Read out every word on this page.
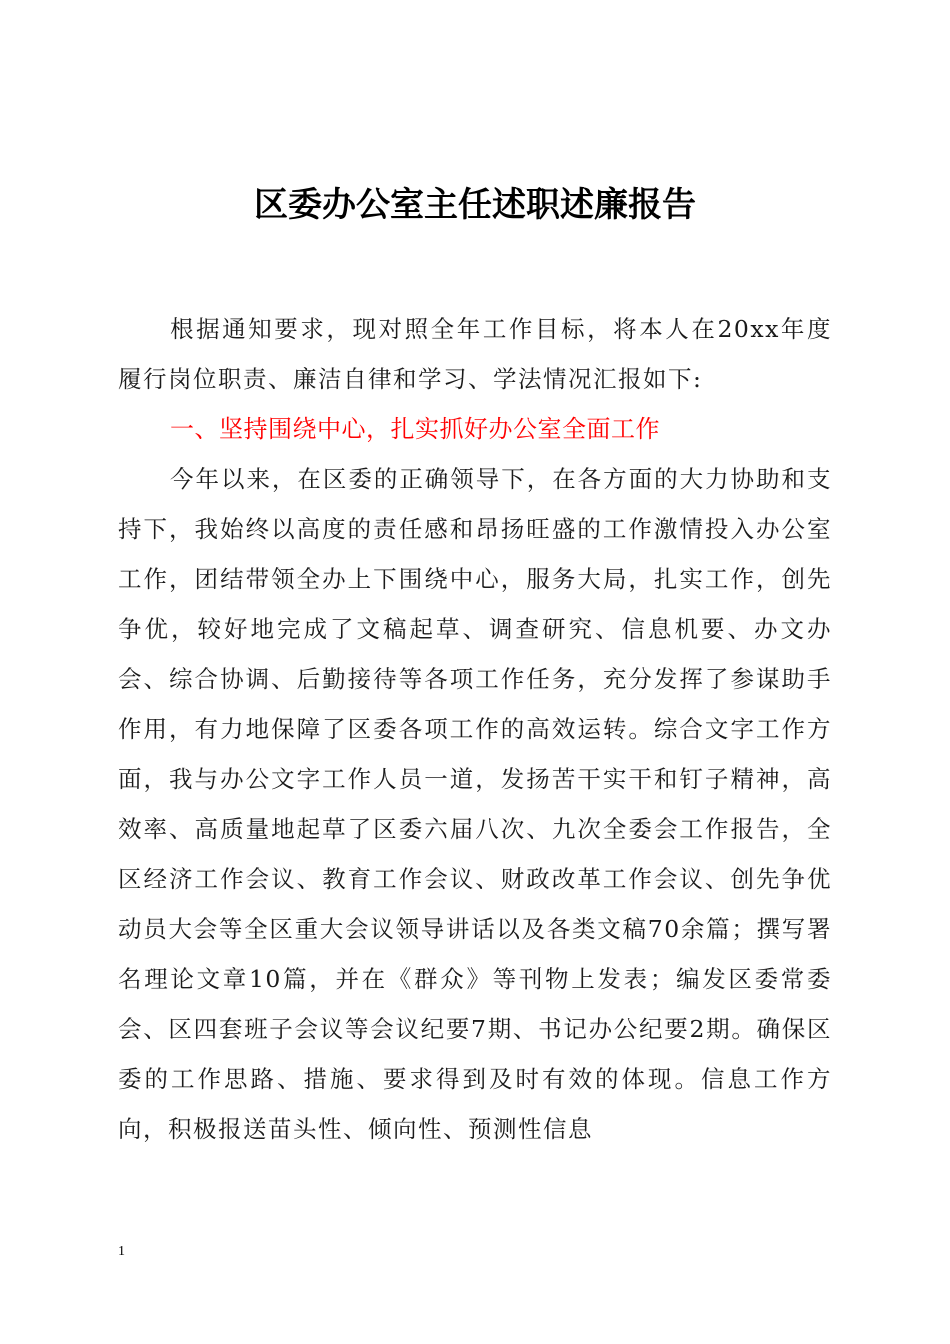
区委办公室主任述职述廉报告

根据通知要求，现对照全年工作目标，将本人在20xx年度履行岗位职责、廉洁自律和学习、学法情况汇报如下:

一、坚持围绕中心，扎实抓好办公室全面工作

今年以来，在区委的正确领导下，在各方面的大力协助和支持下，我始终以高度的责任感和昂扬旺盛的工作激情投入办公室工作，团结带领全办上下围绕中心，服务大局，扎实工作，创先争优，较好地完成了文稿起草、调查研究、信息机要、办文办会、综合协调、后勤接待等各项工作任务，充分发挥了参谋助手作用，有力地保障了区委各项工作的高效运转。综合文字工作方面，我与办公文字工作人员一道，发扬苦干实干和钉子精神，高效率、高质量地起草了区委六届八次、九次全委会工作报告，全区经济工作会议、教育工作会议、财政改革工作会议、创先争优动员大会等全区重大会议领导讲话以及各类文稿70余篇；撰写署名理论文章10篇，并在《群众》等刊物上发表；编发区委常委会、区四套班子会议等会议纪要7期、书记办公纪要2期。确保区委的工作思路、措施、要求得到及时有效的体现。信息工作方向，积极报送苗头性、倾向性、预测性信息

1
